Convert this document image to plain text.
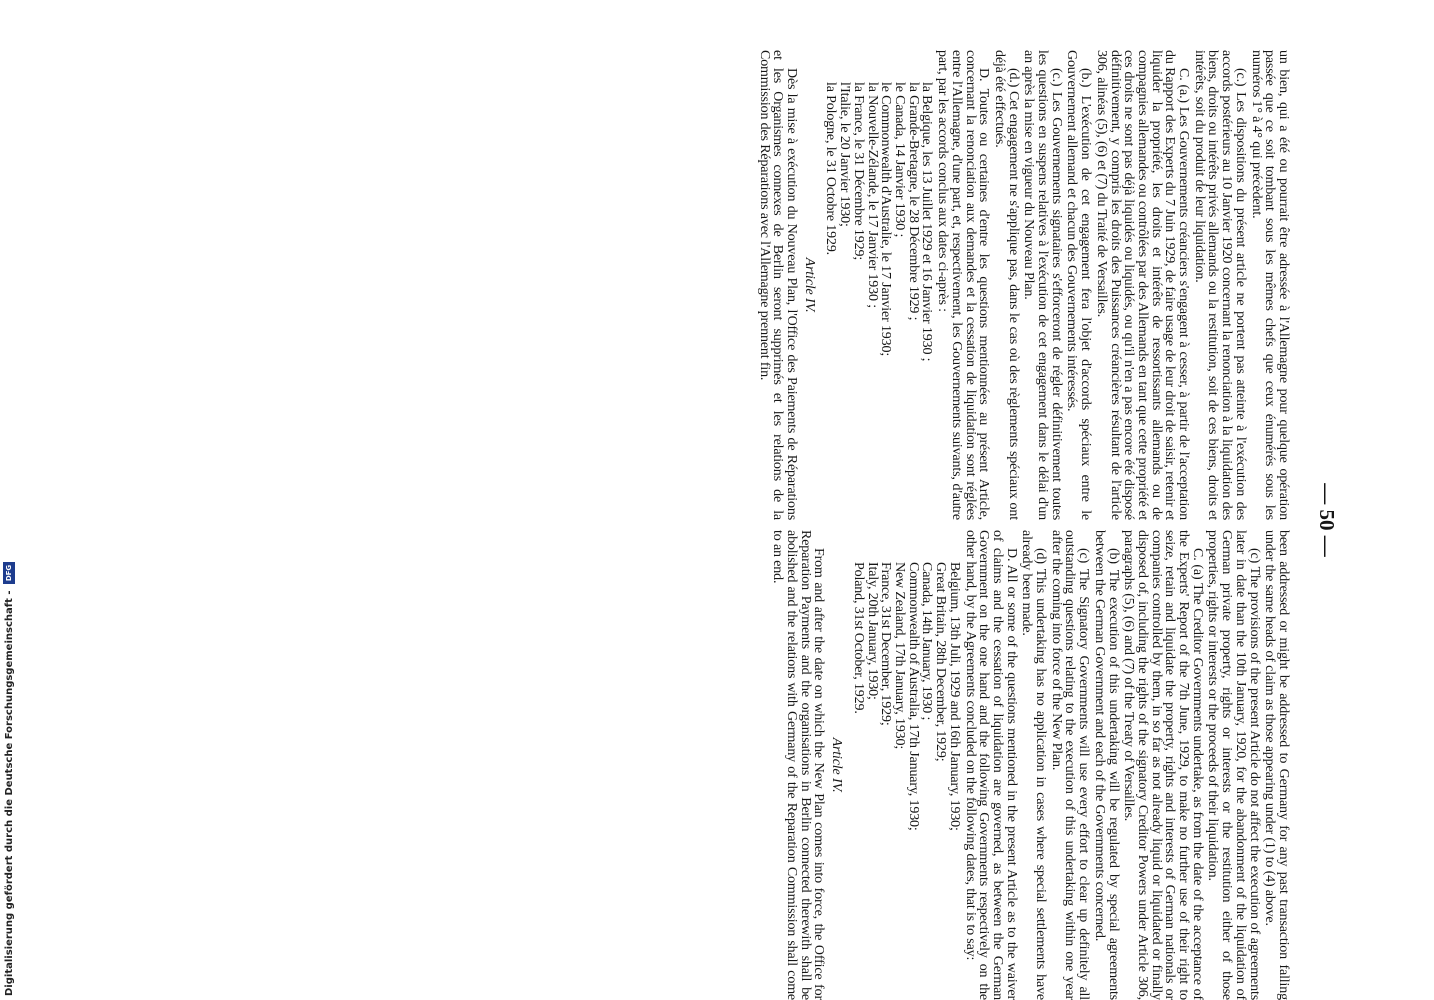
— 50 —

un bien, qui a été ou pourrait être adressée à l'Allemagne pour quelque opération passée que ce soit tombant sous les mêmes chefs que ceux énumérés sous les numéros 1° à 4° qui précèdent.

(c.) Les dispositions du présent article ne portent pas atteinte à l'exécution des accords postérieurs au 10 Janvier 1920 concernant la renonciation à la liquidation des biens, droits ou intérêts privés allemands ou la restitution, soit de ces biens, droits et intérêts, soit du produit de leur liquidation.

C. (a.) Les Gouvernements créanciers s'engagent à cesser, à partir de l'acceptation du Rapport des Experts du 7 Juin 1929, de faire usage de leur droit de saisir, retenir et liquider la propriété, les droits et intérêts de ressortissants allemands ou de compagnies allemandes ou contrôlées par des Allemands en tant que cette propriété et ces droits ne sont pas déjà liquidés ou liquidés, ou qu'il n'en a pas encore été disposé définitivement, y compris les droits des Puissances créancières résultant de l'article 306, alinéas (5), (6) et (7) du Traité de Versailles.

(b.) L'exécution de cet engagement fera l'objet d'accords spéciaux entre le Gouvernement allemand et chacun des Gouvernements intéressés.

(c.) Les Gouvernements signataires s'efforceront de régler définitivement toutes les questions en suspens relatives à l'exécution de cet engagement dans le délai d'un an après la mise en vigueur du Nouveau Plan.

(d.) Cet engagement ne s'applique pas, dans le cas où des règlements spéciaux ont déjà été effectués.

D. Toutes ou certaines d'entre les questions mentionnées au présent Article, concernant la renonciation aux demandes et la cessation de liquidation sont réglées entre l'Allemagne, d'une part, et, respectivement, les Gouvernements suivants, d'autre part, par les accords conclus aux dates ci-après :

la Belgique, les 13 Juillet 1929 et 16 Janvier 1930 ;

la Grande-Bretagne, le 28 Décembre 1929 ;

le Canada, 14 Janvier 1930 ;

le Commonwealth d'Australie, le 17 Janvier 1930;

la Nouvelle-Zélande, le 17 Janvier 1930 ;

la France, le 31 Décembre 1929;

l'Italie, le 20 Janvier 1930;

la Pologne, le 31 Octobre 1929.

Article IV.

Dès la mise à exécution du Nouveau Plan, l'Office des Paiements de Réparations et les Organismes connexes de Berlin seront supprimés et les relations de la Commission des Réparations avec l'Allemagne prennent fin.

been addressed or might be addressed to Germany for any past transaction falling under the same heads of claim as those appearing under (1) to (4) above.

(c) The provisions of the present Article do not affect the execution of agreements later in date than the 10th January, 1920, for the abandonment of the liquidation of German private property, rights or interests or the restitution either of those properties, rights or interests or the proceeds of their liquidation.

C. (a) The Creditor Governments undertake, as from the date of the acceptance of the Experts' Report of the 7th June, 1929, to make no further use of their right to seize, retain and liquidate the property, rights and interests of German nationals or companies controlled by them, in so far as not already liquid or liquidated or finally disposed of, including the rights of the signatory Creditor Powers under Article 306, paragraphs (5), (6) and (7) of the Treaty of Versailles.

(b) The execution of this undertaking will be regulated by special agreements between the German Government and each of the Governments concerned.

(c) The Signatory Governments will use every effort to clear up definitely all outstanding questions relating to the execution of this undertaking within one year after the coming into force of the New Plan.

(d) This undertaking has no application in cases where special settlements have already been made.

D. All or some of the questions mentioned in the present Article as to the waiver of claims and the cessation of liquidation are governed, as between the German Government on the one hand and the following Governments respectively on the other hand, by the Agreements concluded on the following dates, that is to say:

Belgium, 13th Juli, 1929 and 16th January, 1930;

Great Britain, 28th December, 1929;

Canada, 14th January, 1930 ;

Commonwealth of Australia, 17th January, 1930;

New Zealand, 17th January, 1930;

France, 31st December, 1929;

Italy, 20th January, 1930;

Poland, 31st October, 1929.

Article IV.

From and after the date on which the New Plan comes into force, the Office for Reparation Payments and the organisations in Berlin connected therewith shall be abolished and the relations with Germany of the Reparation Commission shall come to an end.

Digitalisierung gefördert durch die Deutsche Forschungsgemeinschaft - DFG
